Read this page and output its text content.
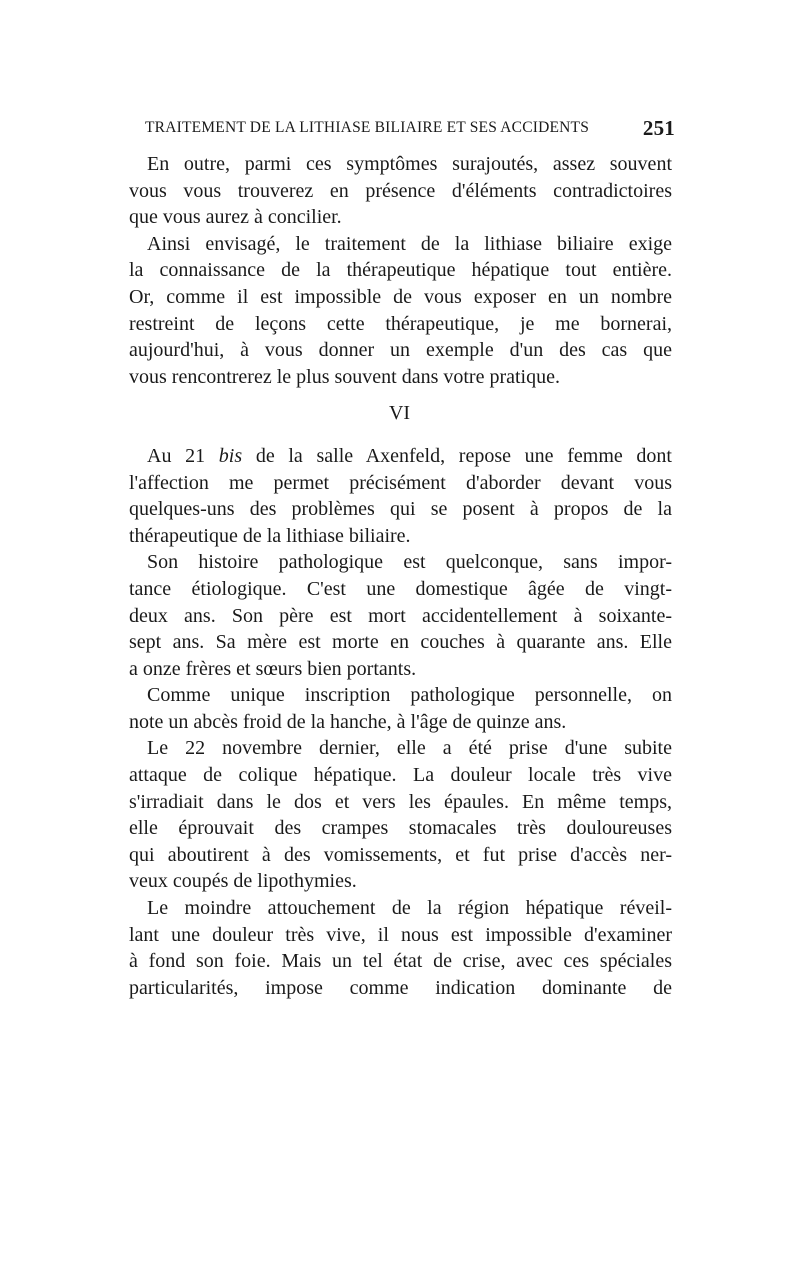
TRAITEMENT DE LA LITHIASE BILIAIRE ET SES ACCIDENTS	251
En outre, parmi ces symptômes surajoutés, assez souvent
vous vous trouverez en présence d'éléments contradictoires
que vous aurez à concilier.
Ainsi envisagé, le traitement de la lithiase biliaire exige
la connaissance de la thérapeutique hépatique tout entière.
Or, comme il est impossible de vous exposer en un nombre
restreint de leçons cette thérapeutique, je me bornerai,
aujourd'hui, à vous donner un exemple d'un des cas que
vous rencontrerez le plus souvent dans votre pratique.
VI
Au 21 bis de la salle Axenfeld, repose une femme dont
l'affection me permet précisément d'aborder devant vous
quelques-uns des problèmes qui se posent à propos de la
thérapeutique de la lithiase biliaire.
Son histoire pathologique est quelconque, sans impor-
tance étiologique. C'est une domestique âgée de vingt-
deux ans. Son père est mort accidentellement à soixante-
sept ans. Sa mère est morte en couches à quarante ans. Elle
a onze frères et sœurs bien portants.
Comme unique inscription pathologique personnelle, on
note un abcès froid de la hanche, à l'âge de quinze ans.
Le 22 novembre dernier, elle a été prise d'une subite
attaque de colique hépatique. La douleur locale très vive
s'irradiait dans le dos et vers les épaules. En même temps,
elle éprouvait des crampes stomacales très douloureuses
qui aboutirent à des vomissements, et fut prise d'accès ner-
veux coupés de lipothymies.
Le moindre attouchement de la région hépatique réveil-
lant une douleur très vive, il nous est impossible d'examiner
à fond son foie. Mais un tel état de crise, avec ces spéciales
particularités, impose comme indication dominante de
